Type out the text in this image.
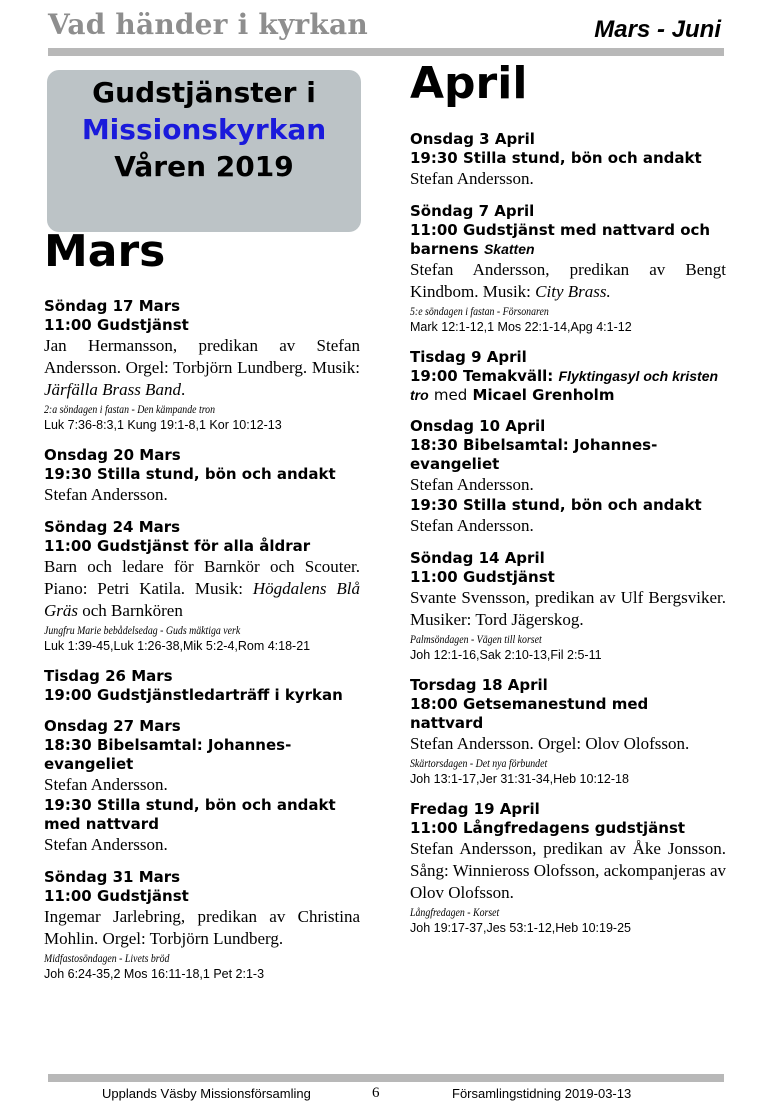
Vad händer i kyrkan	Mars - Juni
Gudstjänster i
Missionskyrkan
Våren 2019
Mars
Söndag 17 Mars
11:00 Gudstjänst
Jan Hermansson, predikan av Stefan Andersson. Orgel: Torbjörn Lundberg. Musik: Järfälla Brass Band.
2:a söndagen i fastan - Den kämpande tron
Luk 7:36-8:3,1 Kung 19:1-8,1 Kor 10:12-13
Onsdag 20 Mars
19:30 Stilla stund, bön och andakt
Stefan Andersson.
Söndag 24 Mars
11:00 Gudstjänst för alla åldrar
Barn och ledare för Barnkör och Scouter. Piano: Petri Katila. Musik: Högdalens Blå Gräs och Barnkören
Jungfru Marie bebådelsedag - Guds mäktiga verk
Luk 1:39-45,Luk 1:26-38,Mik 5:2-4,Rom 4:18-21
Tisdag 26 Mars
19:00 Gudstjänstledarträff i kyrkan
Onsdag 27 Mars
18:30 Bibelsamtal: Johannes-evangeliet
Stefan Andersson.
19:30 Stilla stund, bön och andakt med nattvard
Stefan Andersson.
Söndag 31 Mars
11:00 Gudstjänst
Ingemar Jarlebring, predikan av Christina Mohlin. Orgel: Torbjörn Lundberg.
Midfastosöndagen - Livets bröd
Joh 6:24-35,2 Mos 16:11-18,1 Pet 2:1-3
April
Onsdag 3 April
19:30 Stilla stund, bön och andakt
Stefan Andersson.
Söndag 7 April
11:00 Gudstjänst med nattvard och barnens Skatten
Stefan Andersson, predikan av Bengt Kindbom. Musik: City Brass.
5:e söndagen i fastan - Försonaren
Mark 12:1-12,1 Mos 22:1-14,Apg 4:1-12
Tisdag 9 April
19:00 Temakväll: Flyktingasyl och kristen tro med Micael Grenholm
Onsdag 10 April
18:30 Bibelsamtal: Johannes-evangeliet
Stefan Andersson.
19:30 Stilla stund, bön och andakt
Stefan Andersson.
Söndag 14 April
11:00 Gudstjänst
Svante Svensson, predikan av Ulf Bergsviker. Musiker: Tord Jägerskog.
Palmsöndagen - Vägen till korset
Joh 12:1-16,Sak 2:10-13,Fil 2:5-11
Torsdag 18 April
18:00 Getsemanestund med nattvard
Stefan Andersson. Orgel: Olov Olofsson.
Skärtorsdagen - Det nya förbundet
Joh 13:1-17,Jer 31:31-34,Heb 10:12-18
Fredag 19 April
11:00 Långfredagens gudstjänst
Stefan Andersson, predikan av Åke Jonsson. Sång: Winnieross Olofsson, ackompanjeras av Olov Olofsson.
Långfredagen - Korset
Joh 19:17-37,Jes 53:1-12,Heb 10:19-25
Upplands Väsby Missionsförsamling	6	Församlingstidning 2019-03-13
